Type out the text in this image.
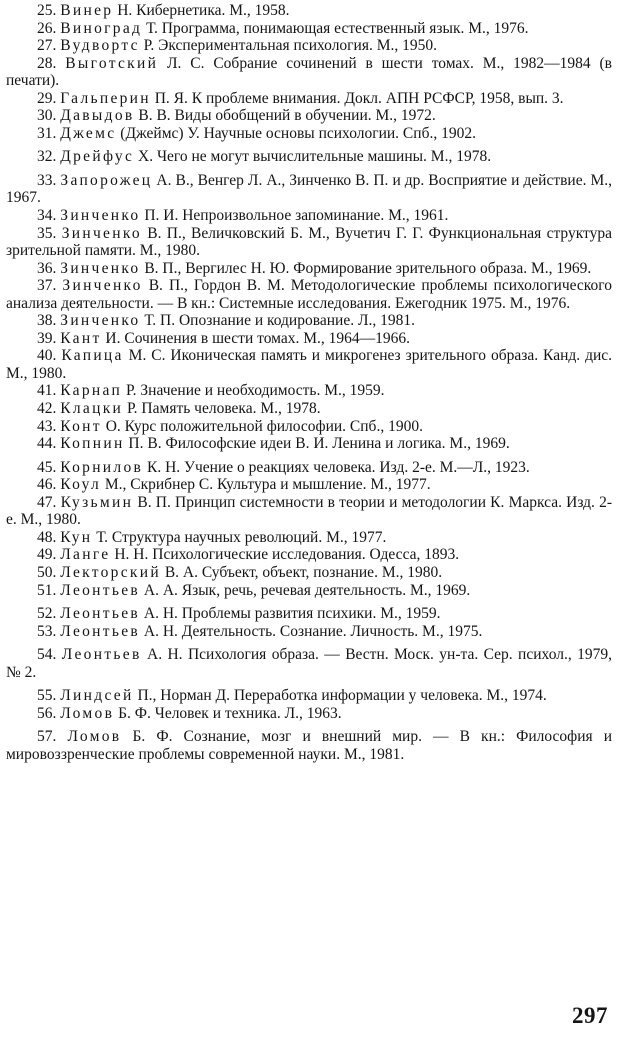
25. Винер Н. Кибернетика. М., 1958.

26. Виноград Т. Программа, понимающая естественный язык. М., 1976.

27. Вудвортс Р. Экспериментальная психология. М., 1950.

28. Выготский Л. С. Собрание сочинений в шести томах. М., 1982—1984 (в печати).

29. Гальперин П. Я. К проблеме внимания. Докл. АПН РСФСР, 1958, вып. 3.

30. Давыдов В. В. Виды обобщений в обучении. М., 1972.

31. Джемс (Джеймс) У. Научные основы психологии. Спб., 1902.

32. Дрейфус Х. Чего не могут вычислительные машины. М., 1978.

33. Запорожец А. В., Венгер Л. А., Зинченко В. П. и др. Восприятие и действие. М., 1967.

34. Зинченко П. И. Непроизвольное запоминание. М., 1961.

35. Зинченко В. П., Величковский Б. М., Вучетич Г. Г. Функциональная структура зрительной памяти. М., 1980.

36. Зинченко В. П., Вергилес Н. Ю. Формирование зрительного образа. М., 1969.

37. Зинченко В. П., Гордон В. М. Методологические проблемы психологического анализа деятельности. — В кн.: Системные исследования. Ежегодник 1975. М., 1976.

38. Зинченко Т. П. Опознание и кодирование. Л., 1981.

39. Кант И. Сочинения в шести томах. М., 1964—1966.

40. Капица М. С. Иконическая память и микрогенез зрительного образа. Канд. дис. М., 1980.

41. Карнап Р. Значение и необходимость. М., 1959.

42. Клацки Р. Память человека. М., 1978.

43. Конт О. Курс положительной философии. Спб., 1900.

44. Копнин П. В. Философские идеи В. И. Ленина и логика. М., 1969.

45. Корнилов К. Н. Учение о реакциях человека. Изд. 2-е. М.—Л., 1923.

46. Коул М., Скрибнер С. Культура и мышление. М., 1977.

47. Кузьмин В. П. Принцип системности в теории и методологии К. Маркса. Изд. 2-е. М., 1980.

48. Кун Т. Структура научных революций. М., 1977.

49. Ланге Н. Н. Психологические исследования. Одесса, 1893.

50. Лекторский В. А. Субъект, объект, познание. М., 1980.

51. Леонтьев А. А. Язык, речь, речевая деятельность. М., 1969.

52. Леонтьев А. Н. Проблемы развития психики. М., 1959.

53. Леонтьев А. Н. Деятельность. Сознание. Личность. М., 1975.

54. Леонтьев А. Н. Психология образа. — Вестн. Моск. ун-та. Сер. психол., 1979, № 2.

55. Линдсей П., Норман Д. Переработка информации у человека. М., 1974.

56. Ломов Б. Ф. Человек и техника. Л., 1963.

57. Ломов Б. Ф. Сознание, мозг и внешний мир. — В кн.: Философия и мировоззренческие проблемы современной науки. М., 1981.

297
